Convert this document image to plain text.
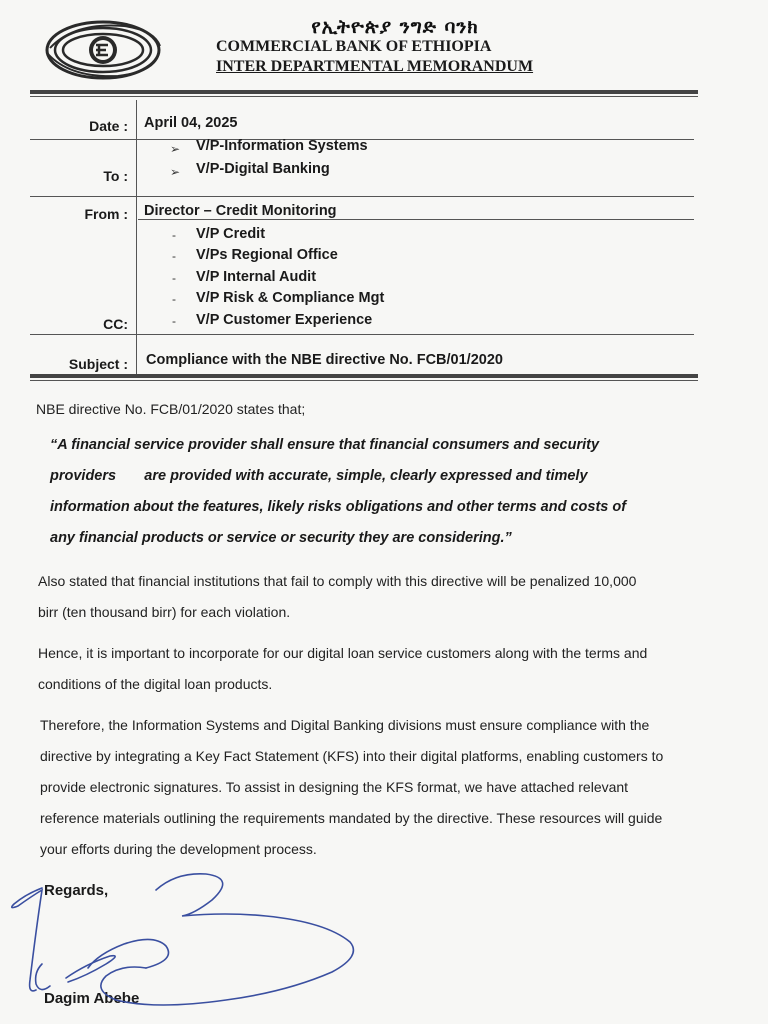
የኢትዮጵያ ንግድ ባንክ
COMMERCIAL BANK OF ETHIOPIA
INTER DEPARTMENTAL MEMORANDUM
Date : April 04, 2025
To :
➢ V/P-Information Systems
➢ V/P-Digital Banking
From : Director – Credit Monitoring
- V/P Credit
- V/Ps Regional Office
- V/P Internal Audit
- V/P Risk & Compliance Mgt
- V/P Customer Experience
CC:
Subject : Compliance with the NBE directive No. FCB/01/2020
NBE directive No. FCB/01/2020 states that;
“A financial service provider shall ensure that financial consumers and security
providers       are provided with accurate, simple, clearly expressed and timely
information about the features, likely risks obligations and other terms and costs of
any financial products or service or security they are considering.”
Also stated that financial institutions that fail to comply with this directive will be penalized 10,000
birr (ten thousand birr) for each violation.
Hence, it is important to incorporate for our digital loan service customers along with the terms and
conditions of the digital loan products.
Therefore, the Information Systems and Digital Banking divisions must ensure compliance with the
directive by integrating a Key Fact Statement (KFS) into their digital platforms, enabling customers to
provide electronic signatures. To assist in designing the KFS format, we have attached relevant
reference materials outlining the requirements mandated by the directive. These resources will guide
your efforts during the development process.
Regards,
Dagim Abebe
